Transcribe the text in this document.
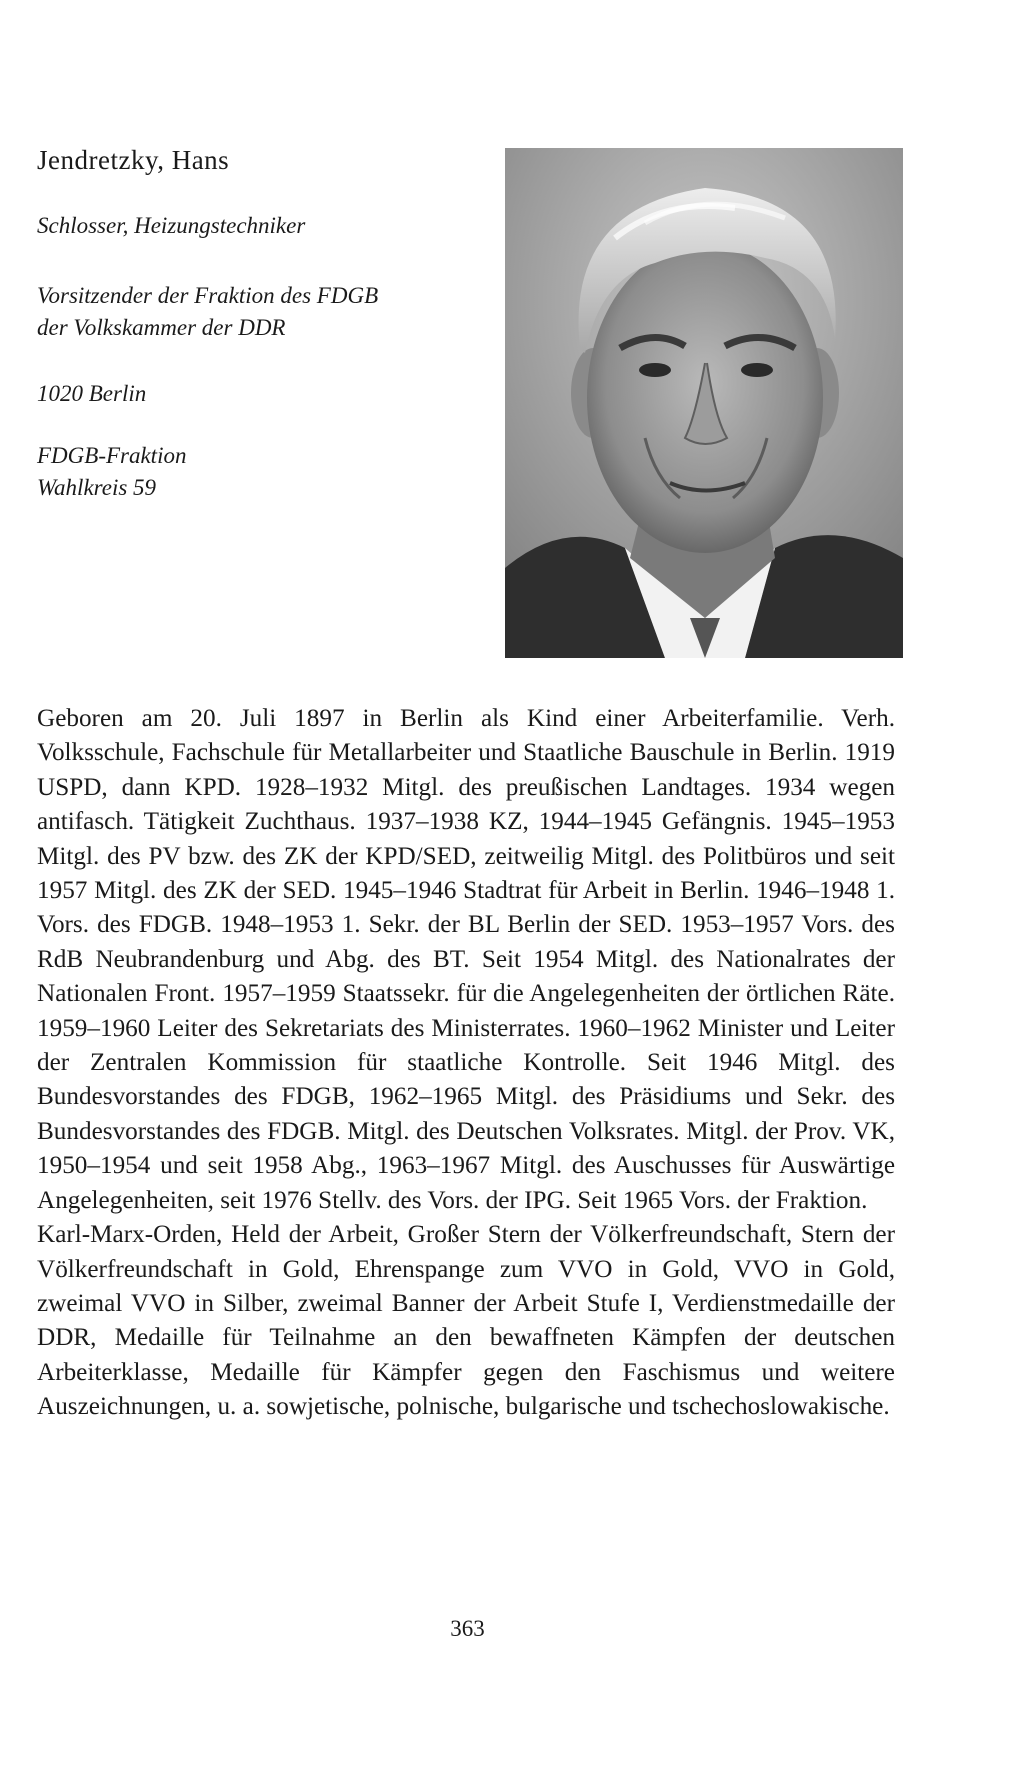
Jendretzky, Hans
Schlosser, Heizungstechniker
Vorsitzender der Fraktion des FDGB
der Volkskammer der DDR
1020 Berlin
FDGB-Fraktion
Wahlkreis 59

Geboren am 20. Juli 1897 in Berlin als Kind einer Arbeiterfamilie. Verh. Volksschule, Fachschule für Metallarbeiter und Staatliche Bauschule in Berlin. 1919 USPD, dann KPD. 1928–1932 Mitgl. des preußischen Landtages. 1934 wegen antifasch. Tätigkeit Zuchthaus. 1937–1938 KZ, 1944–1945 Gefängnis. 1945–1953 Mitgl. des PV bzw. des ZK der KPD/SED, zeitweilig Mitgl. des Politbüros und seit 1957 Mitgl. des ZK der SED. 1945–1946 Stadtrat für Arbeit in Berlin. 1946–1948 1. Vors. des FDGB. 1948–1953 1. Sekr. der BL Berlin der SED. 1953–1957 Vors. des RdB Neubrandenburg und Abg. des BT. Seit 1954 Mitgl. des Nationalrates der Nationalen Front. 1957–1959 Staatssekr. für die Angelegenheiten der örtlichen Räte. 1959–1960 Leiter des Sekretariats des Ministerrates. 1960–1962 Minister und Leiter der Zentralen Kommission für staatliche Kontrolle. Seit 1946 Mitgl. des Bundesvorstandes des FDGB, 1962–1965 Mitgl. des Präsidiums und Sekr. des Bundesvorstandes des FDGB. Mitgl. des Deutschen Volksrates. Mitgl. der Prov. VK, 1950–1954 und seit 1958 Abg., 1963–1967 Mitgl. des Auschusses für Auswärtige Angelegenheiten, seit 1976 Stellv. des Vors. der IPG. Seit 1965 Vors. der Fraktion.

Karl-Marx-Orden, Held der Arbeit, Großer Stern der Völkerfreundschaft, Stern der Völkerfreundschaft in Gold, Ehrenspange zum VVO in Gold, VVO in Gold, zweimal VVO in Silber, zweimal Banner der Arbeit Stufe I, Verdienstmedaille der DDR, Medaille für Teilnahme an den bewaffneten Kämpfen der deutschen Arbeiterklasse, Medaille für Kämpfer gegen den Faschismus und weitere Auszeichnungen, u. a. sowjetische, polnische, bulgarische und tschechoslowakische.

363
